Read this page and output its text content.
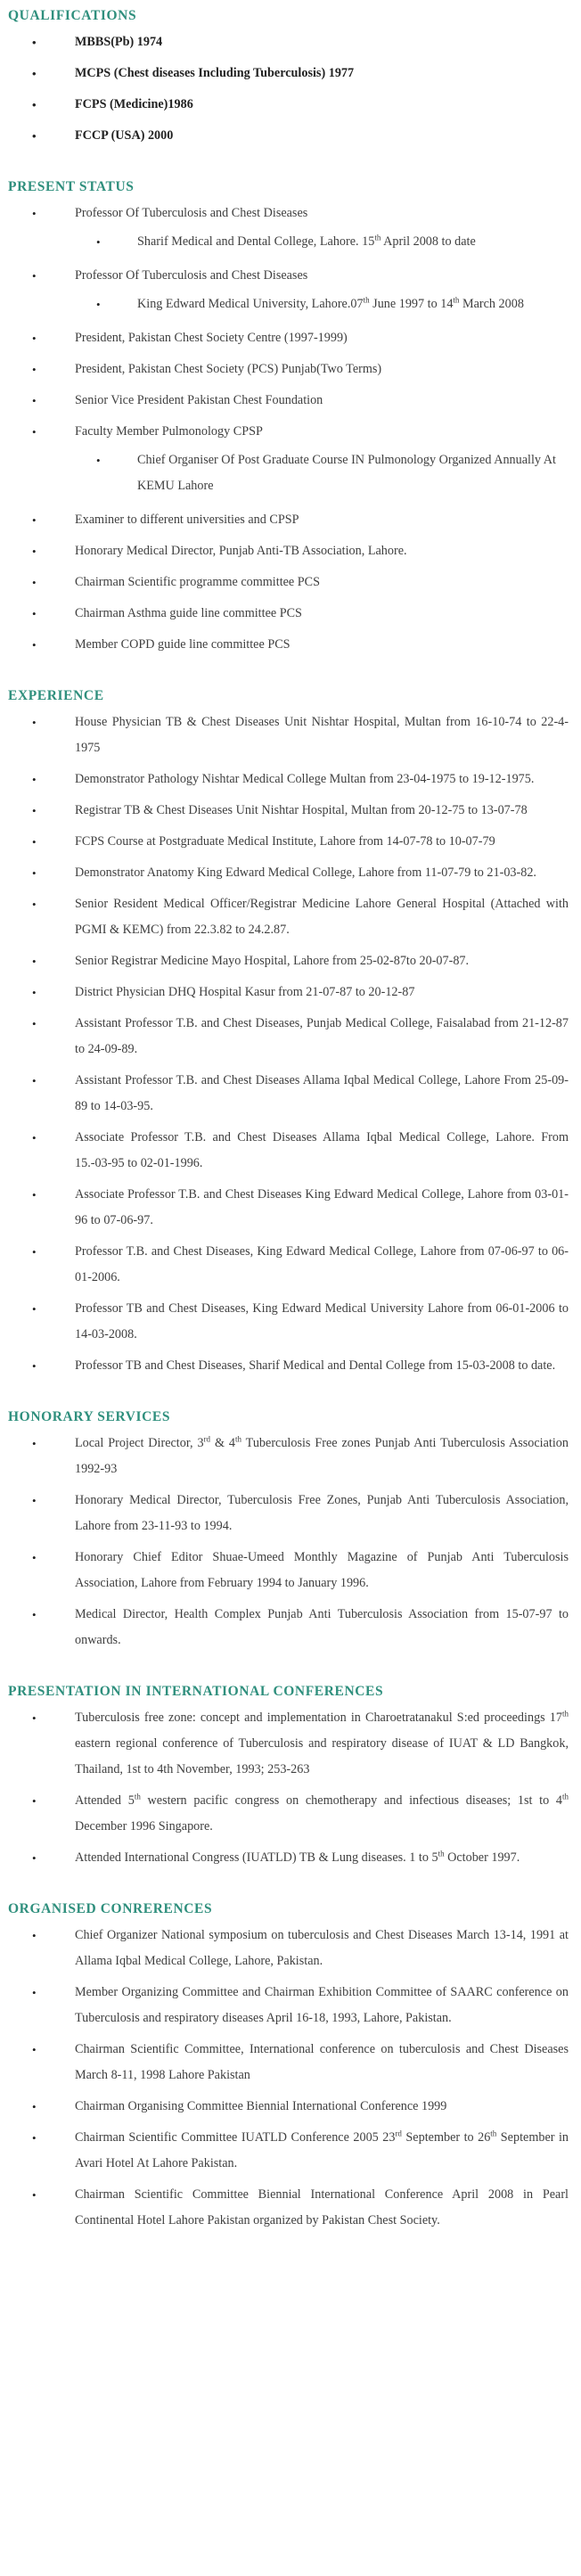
QUALIFICATIONS
• MBBS(Pb) 1974
• MCPS (Chest diseases Including Tuberculosis) 1977
• FCPS (Medicine)1986
• FCCP (USA) 2000
PRESENT STATUS
• Professor Of Tuberculosis and Chest Diseases
• Sharif Medical and Dental College, Lahore. 15th April 2008 to date
• Professor Of Tuberculosis and Chest Diseases
• King Edward Medical University, Lahore.07th June 1997 to 14th March 2008
• President, Pakistan Chest Society Centre (1997-1999)
• President, Pakistan Chest Society (PCS) Punjab(Two Terms)
• Senior Vice President Pakistan Chest Foundation
• Faculty Member Pulmonology CPSP
• Chief Organiser Of Post Graduate Course IN Pulmonology Organized Annually At KEMU Lahore
• Examiner to different universities and CPSP
• Honorary Medical Director, Punjab Anti-TB Association, Lahore.
• Chairman Scientific programme committee PCS
• Chairman Asthma guide line committee PCS
• Member COPD guide line committee PCS
EXPERIENCE
• House Physician TB & Chest Diseases Unit Nishtar Hospital, Multan from 16-10-74 to 22-4-1975
• Demonstrator Pathology Nishtar Medical College Multan from 23-04-1975 to 19-12-1975.
• Registrar TB & Chest Diseases Unit Nishtar Hospital, Multan from 20-12-75 to 13-07-78
• FCPS Course at Postgraduate Medical Institute, Lahore from 14-07-78 to 10-07-79
• Demonstrator Anatomy King Edward Medical College, Lahore from 11-07-79 to 21-03-82.
• Senior Resident Medical Officer/Registrar Medicine Lahore General Hospital (Attached with PGMI & KEMC) from 22.3.82 to 24.2.87.
• Senior Registrar Medicine Mayo Hospital, Lahore from 25-02-87to 20-07-87.
• District Physician DHQ Hospital Kasur from 21-07-87 to 20-12-87
• Assistant Professor T.B. and Chest Diseases, Punjab Medical College, Faisalabad from 21-12-87 to 24-09-89.
• Assistant Professor T.B. and Chest Diseases Allama Iqbal Medical College, Lahore From 25-09-89 to 14-03-95.
• Associate Professor T.B. and Chest Diseases Allama Iqbal Medical College, Lahore. From 15.-03-95 to 02-01-1996.
• Associate Professor T.B. and Chest Diseases King Edward Medical College, Lahore from 03-01-96 to 07-06-97.
• Professor T.B. and Chest Diseases, King Edward Medical College, Lahore from 07-06-97 to 06- 01-2006.
• Professor TB and Chest Diseases, King Edward Medical University Lahore from 06-01-2006 to 14-03-2008.
• Professor TB and Chest Diseases, Sharif Medical and Dental College from 15-03-2008 to date.
HONORARY SERVICES
• Local Project Director, 3rd & 4th Tuberculosis Free zones Punjab Anti Tuberculosis Association 1992-93
• Honorary Medical Director, Tuberculosis Free Zones, Punjab Anti Tuberculosis Association, Lahore from 23-11-93 to 1994.
• Honorary Chief Editor Shuae-Umeed Monthly Magazine of Punjab Anti Tuberculosis Association, Lahore from February 1994 to January 1996.
• Medical Director, Health Complex Punjab Anti Tuberculosis Association from 15-07-97 to onwards.
PRESENTATION IN INTERNATIONAL CONFERENCES
• Tuberculosis free zone: concept and implementation in Charoetratanakul S:ed proceedings 17th eastern regional conference of Tuberculosis and respiratory disease of IUAT & LD Bangkok, Thailand, 1st to 4th November, 1993; 253-263
• Attended 5th western pacific congress on chemotherapy and infectious diseases; 1st to 4th December 1996 Singapore.
• Attended International Congress (IUATLD) TB & Lung diseases. 1 to 5th October 1997.
ORGANISED CONRERENCES
• Chief Organizer National symposium on tuberculosis and Chest Diseases March 13-14, 1991 at Allama Iqbal Medical College, Lahore, Pakistan.
• Member Organizing Committee and Chairman Exhibition Committee of SAARC conference on Tuberculosis and respiratory diseases April 16-18, 1993, Lahore, Pakistan.
• Chairman Scientific Committee, International conference on tuberculosis and Chest Diseases March 8-11, 1998 Lahore Pakistan
• Chairman Organising Committee Biennial International Conference 1999
• Chairman Scientific Committee IUATLD Conference 2005 23rd September to 26th September in Avari Hotel At Lahore Pakistan.
• Chairman Scientific Committee Biennial International Conference April 2008 in Pearl Continental Hotel Lahore Pakistan organized by Pakistan Chest Society.
